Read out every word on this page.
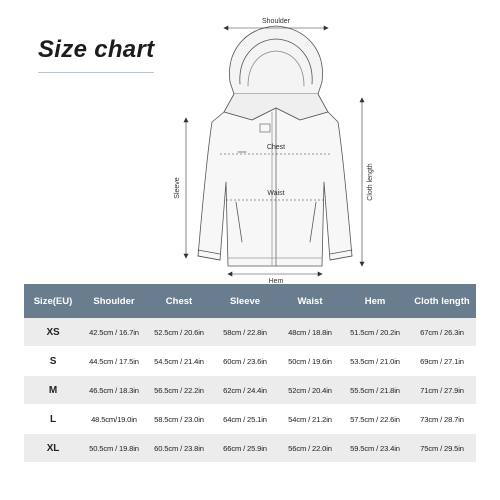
Size chart
Shoulder
Chest
Waist
Hem
Sleeve	Cloth length
Size(EU)	Shoulder	Chest	Sleeve	Waist	Hem	Cloth length
XS	42.5cm / 16.7in	52.5cm / 20.6in	58cm / 22.8in	48cm / 18.8in	51.5cm / 20.2in	67cm / 26.3in
S	44.5cm / 17.5in	54.5cm / 21.4in	60cm / 23.6in	50cm / 19.6in	53.5cm / 21.0in	69cm / 27.1in
M	46.5cm / 18.3in	56.5cm / 22.2in	62cm / 24.4in	52cm / 20.4in	55.5cm / 21.8in	71cm / 27.9in
L	48.5cm/19.0in	58.5cm / 23.0in	64cm / 25.1in	54cm / 21.2in	57.5cm / 22.6in	73cm / 28.7in
XL	50.5cm / 19.8in	60.5cm / 23.8in	66cm / 25.9in	56cm / 22.0in	59.5cm / 23.4in	75cm / 29.5in
